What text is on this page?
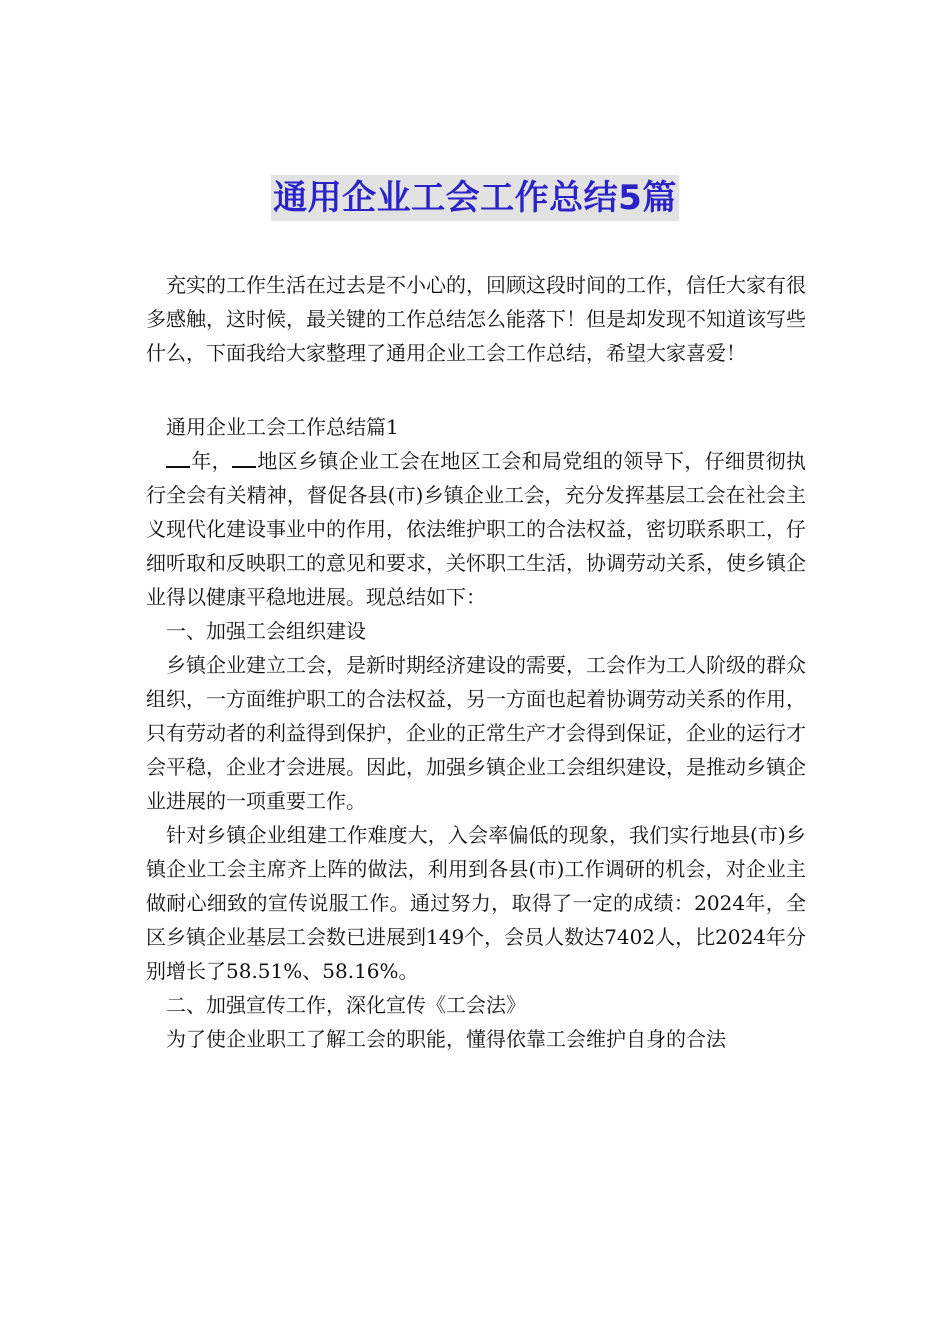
通用企业工会工作总结5篇

充实的工作生活在过去是不小心的，回顾这段时间的工作，信任大家有很多感触，这时候，最关键的工作总结怎么能落下！但是却发现不知道该写些什么，下面我给大家整理了通用企业工会工作总结，希望大家喜爱！

通用企业工会工作总结篇1

年， 地区乡镇企业工会在地区工会和局党组的领导下，仔细贯彻执行全会有关精神，督促各县(市)乡镇企业工会，充分发挥基层工会在社会主义现代化建设事业中的作用，依法维护职工的合法权益，密切联系职工，仔细听取和反映职工的意见和要求，关怀职工生活，协调劳动关系，使乡镇企业得以健康平稳地进展。现总结如下：

一、加强工会组织建设

乡镇企业建立工会，是新时期经济建设的需要，工会作为工人阶级的群众组织，一方面维护职工的合法权益，另一方面也起着协调劳动关系的作用，只有劳动者的利益得到保护，企业的正常生产才会得到保证，企业的运行才会平稳，企业才会进展。因此，加强乡镇企业工会组织建设，是推动乡镇企业进展的一项重要工作。

针对乡镇企业组建工作难度大，入会率偏低的现象，我们实行地县(市)乡镇企业工会主席齐上阵的做法，利用到各县(市)工作调研的机会，对企业主做耐心细致的宣传说服工作。通过努力，取得了一定的成绩：2024年，全区乡镇企业基层工会数已进展到149个，会员人数达7402人，比2024年分别增长了58.51%、58.16%。

二、加强宣传工作，深化宣传《工会法》

为了使企业职工了解工会的职能，懂得依靠工会维护自身的合法
